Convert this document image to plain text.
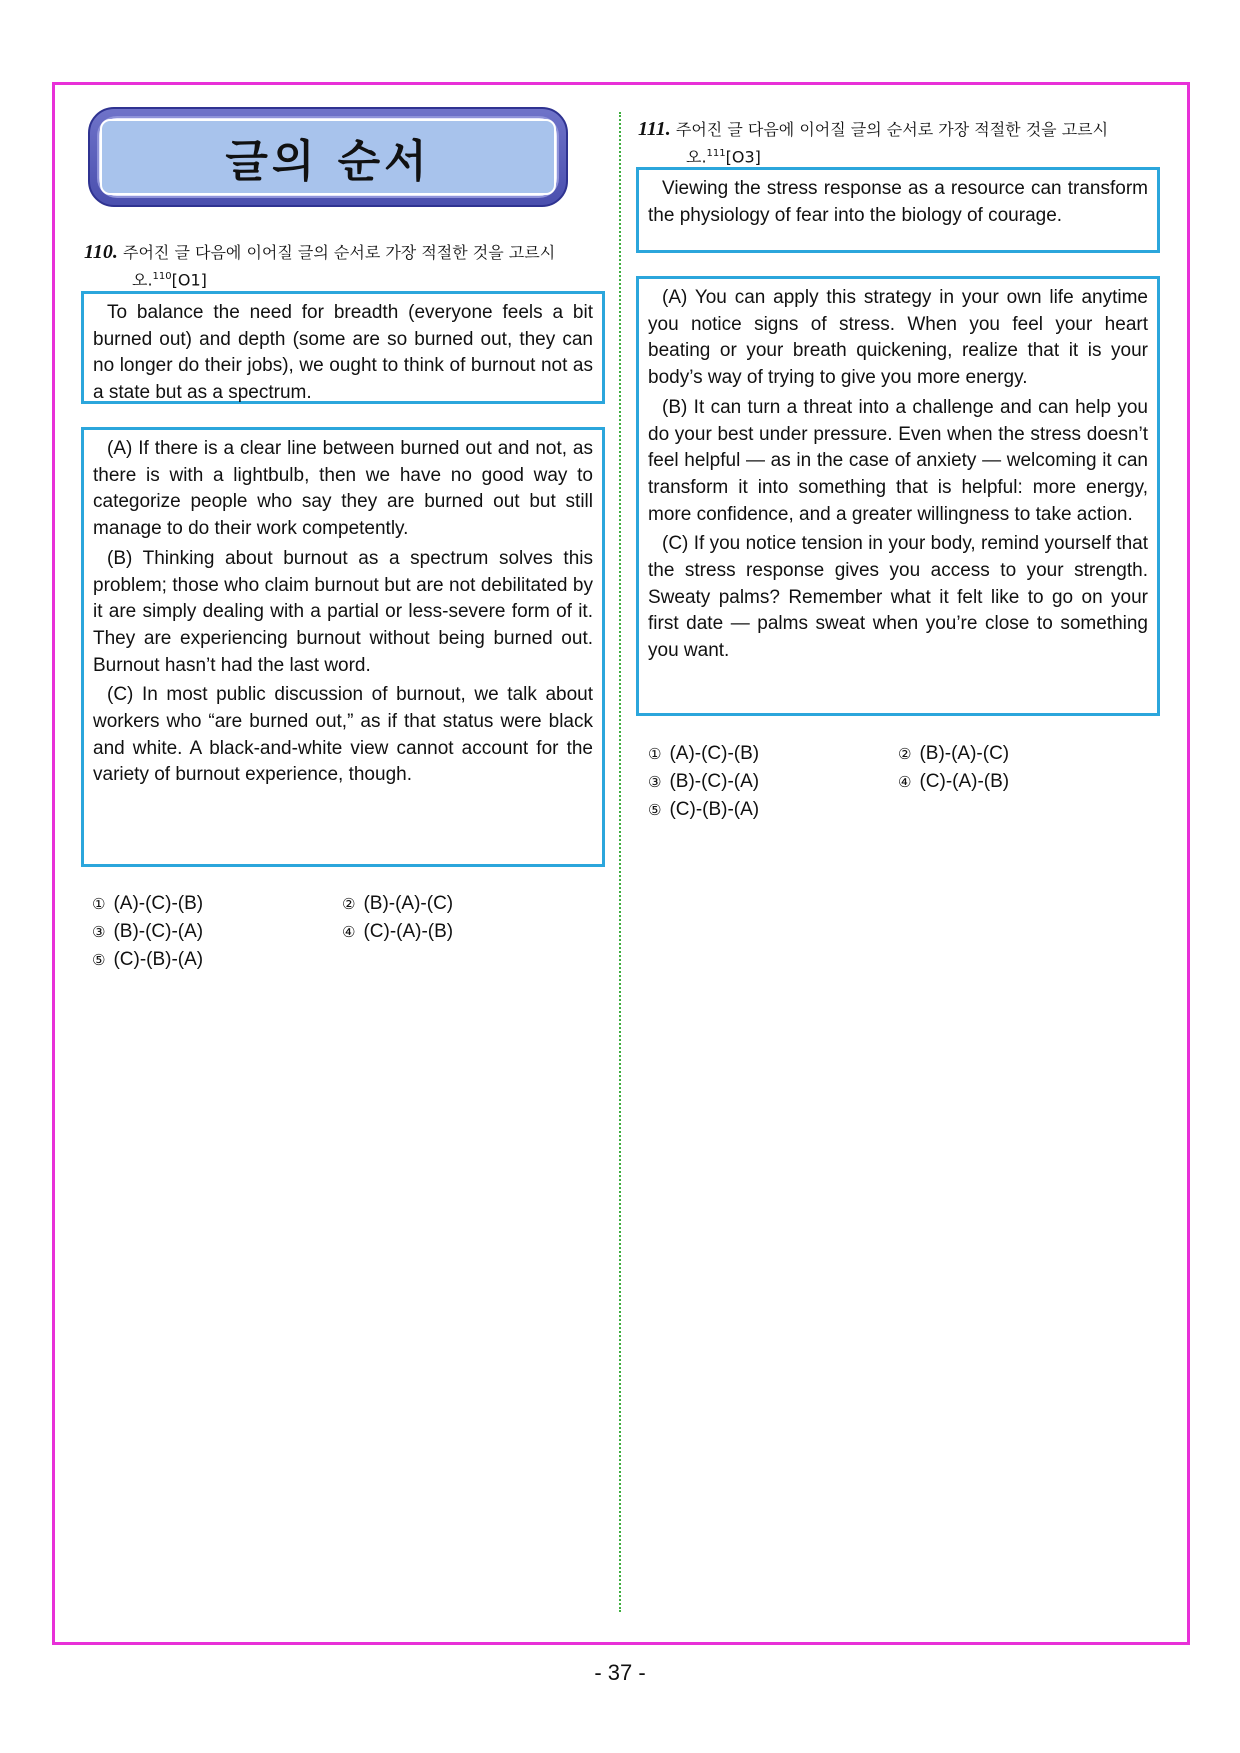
글의 순서
110. 주어진 글 다음에 이어질 글의 순서로 가장 적절한 것을 고르시
오.$^{110}$[O1]

To balance the need for breadth (everyone feels a bit burned out) and depth (some are so burned out, they can no longer do their jobs), we ought to think of burnout not as a state but as a spectrum.

(A) If there is a clear line between burned out and not, as there is with a lightbulb, then we have no good way to categorize people who say they are burned out but still manage to do their work competently.

(B) Thinking about burnout as a spectrum solves this problem; those who claim burnout but are not debilitated by it are simply dealing with a partial or less-severe form of it. They are experiencing burnout without being burned out. Burnout hasn’t had the last word.

(C) In most public discussion of burnout, we talk about workers who “are burned out,” as if that status were black and white. A black-and-white view cannot account for the variety of burnout experience, though.

① (A)-(C)-(B)	② (B)-(A)-(C)
③ (B)-(C)-(A)	④ (C)-(A)-(B)
⑤ (C)-(B)-(A)
111. 주어진 글 다음에 이어질 글의 순서로 가장 적절한 것을 고르시
오.$^{111}$[O3]

Viewing the stress response as a resource can transform the physiology of fear into the biology of courage.

(A) You can apply this strategy in your own life anytime you notice signs of stress. When you feel your heart beating or your breath quickening, realize that it is your body’s way of trying to give you more energy.

(B) It can turn a threat into a challenge and can help you do your best under pressure. Even when the stress doesn’t feel helpful ― as in the case of anxiety ― welcoming it can transform it into something that is helpful: more energy, more confidence, and a greater willingness to take action.

(C) If you notice tension in your body, remind yourself that the stress response gives you access to your strength. Sweaty palms? Remember what it felt like to go on your first date ― palms sweat when you’re close to something you want.

① (A)-(C)-(B)	② (B)-(A)-(C)
③ (B)-(C)-(A)	④ (C)-(A)-(B)
⑤ (C)-(B)-(A)
- 37 -
